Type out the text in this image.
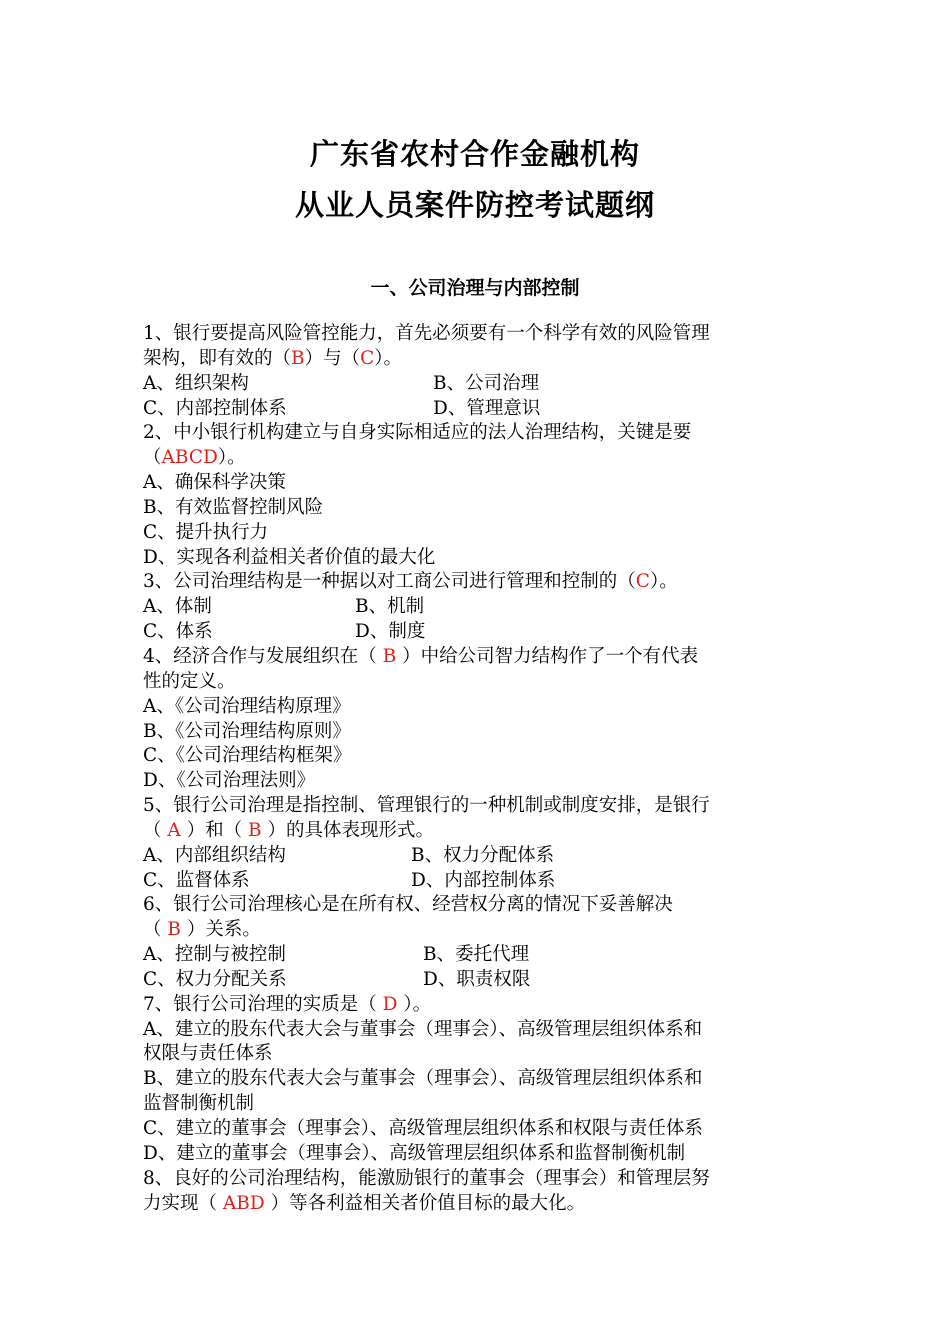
广东省农村合作金融机构
从业人员案件防控考试题纲
一、公司治理与内部控制
1、银行要提高风险管控能力，首先必须要有一个科学有效的风险管理
架构，即有效的（B）与（C）。
A、组织架构	B、公司治理
C、内部控制体系	D、管理意识
2、中小银行机构建立与自身实际相适应的法人治理结构，关键是要
（ABCD）。
A、确保科学决策
B、有效监督控制风险
C、提升执行力
D、实现各利益相关者价值的最大化
3、公司治理结构是一种据以对工商公司进行管理和控制的（C）。
A、体制	B、机制
C、体系	D、制度
4、经济合作与发展组织在（ B ）中给公司智力结构作了一个有代表
性的定义。
A、《公司治理结构原理》
B、《公司治理结构原则》
C、《公司治理结构框架》
D、《公司治理法则》
5、银行公司治理是指控制、管理银行的一种机制或制度安排，是银行
（ A ）和（ B ）的具体表现形式。
A、内部组织结构	B、权力分配体系
C、监督体系	D、内部控制体系
6、银行公司治理核心是在所有权、经营权分离的情况下妥善解决
（ B ）关系。
A、控制与被控制	B、委托代理
C、权力分配关系	D、职责权限
7、银行公司治理的实质是（ D ）。
A、建立的股东代表大会与董事会（理事会）、高级管理层组织体系和
权限与责任体系
B、建立的股东代表大会与董事会（理事会）、高级管理层组织体系和
监督制衡机制
C、建立的董事会（理事会）、高级管理层组织体系和权限与责任体系
D、建立的董事会（理事会）、高级管理层组织体系和监督制衡机制
8、良好的公司治理结构，能激励银行的董事会（理事会）和管理层努
力实现（ ABD ）等各利益相关者价值目标的最大化。
